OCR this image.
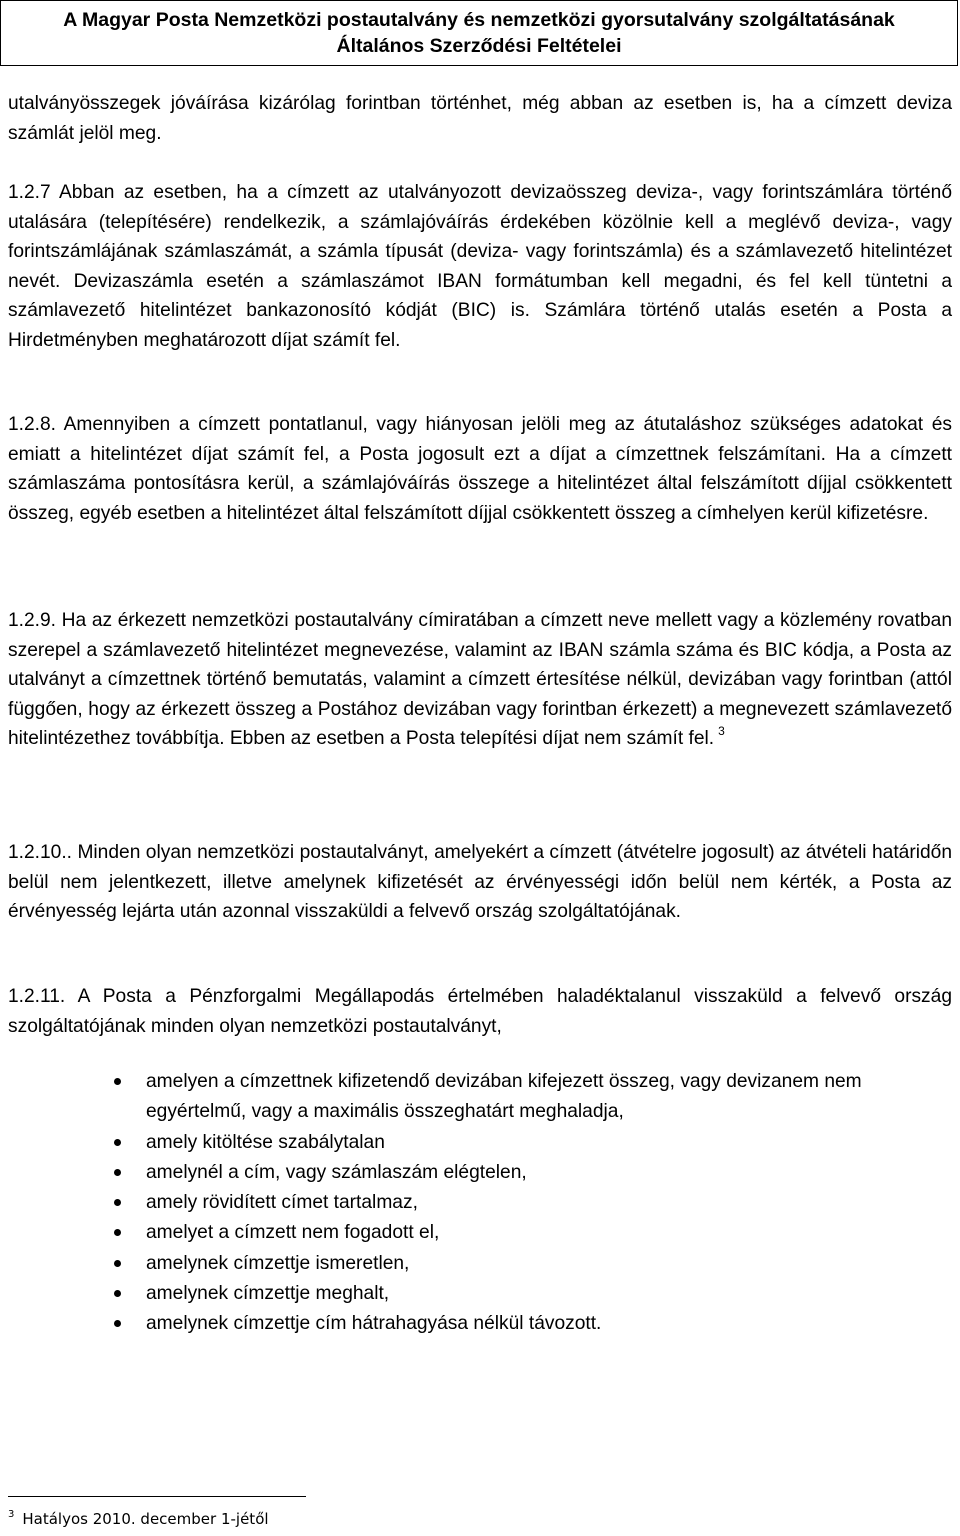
A Magyar Posta Nemzetközi postautalvány és nemzetközi gyorsutalvány szolgáltatásának
Általános Szerződési Feltételei

utalványösszegek jóváírása kizárólag forintban történhet, még abban az esetben is, ha a címzett deviza számlát jelöl meg.

1.2.7 Abban az esetben, ha a címzett az utalványozott devizaösszeg deviza-, vagy forintszámlára történő utalására (telepítésére) rendelkezik, a számlajóváírás érdekében közölnie kell a meglévő deviza-, vagy forintszámlájának számlaszámát, a számla típusát (deviza- vagy forintszámla) és a számlavezető hitelintézet nevét. Devizaszámla esetén a számlaszámot IBAN formátumban kell megadni, és fel kell tüntetni a számlavezető hitelintézet bankazonosító kódját (BIC) is. Számlára történő utalás esetén a Posta a Hirdetményben meghatározott díjat számít fel.

1.2.8. Amennyiben a címzett pontatlanul, vagy hiányosan jelöli meg az átutaláshoz szükséges adatokat és emiatt a hitelintézet díjat számít fel, a Posta jogosult ezt a díjat a címzettnek felszámítani. Ha a címzett számlaszáma pontosításra kerül, a számlajóváírás összege a hitelintézet által felszámított díjjal csökkentett összeg, egyéb esetben a hitelintézet által felszámított díjjal csökkentett összeg a címhelyen kerül kifizetésre.

1.2.9. Ha az érkezett nemzetközi postautalvány címiratában a címzett neve mellett vagy a közlemény rovatban szerepel a számlavezető hitelintézet megnevezése, valamint az IBAN számla száma és BIC kódja, a Posta az utalványt a címzettnek történő bemutatás, valamint a címzett értesítése nélkül, devizában vagy forintban (attól függően, hogy az érkezett összeg a Postához devizában vagy forintban érkezett) a megnevezett számlavezető hitelintézethez továbbítja. Ebben az esetben a Posta telepítési díjat nem számít fel. $^3$

1.2.10.. Minden olyan nemzetközi postautalványt, amelyekért a címzett (átvételre jogosult) az átvételi határidőn belül nem jelentkezett, illetve amelynek kifizetését az érvényességi időn belül nem kérték, a Posta az érvényesség lejárta után azonnal visszaküldi a felvevő ország szolgáltatójának.

1.2.11. A Posta a Pénzforgalmi Megállapodás értelmében haladéktalanul visszaküld a felvevő ország szolgáltatójának minden olyan nemzetközi postautalványt,

amelyen a címzettnek kifizetendő devizában kifejezett összeg, vagy devizanem nem egyértelmű, vagy a maximális összeghatárt meghaladja,
amely kitöltése szabálytalan
amelynél a cím, vagy számlaszám elégtelen,
amely rövidített címet tartalmaz,
amelyet a címzett nem fogadott el,
amelynek címzettje ismeretlen,
amelynek címzettje meghalt,
amelynek címzettje cím hátrahagyása nélkül távozott.
$^3$ Hatályos 2010. december 1-jétől
